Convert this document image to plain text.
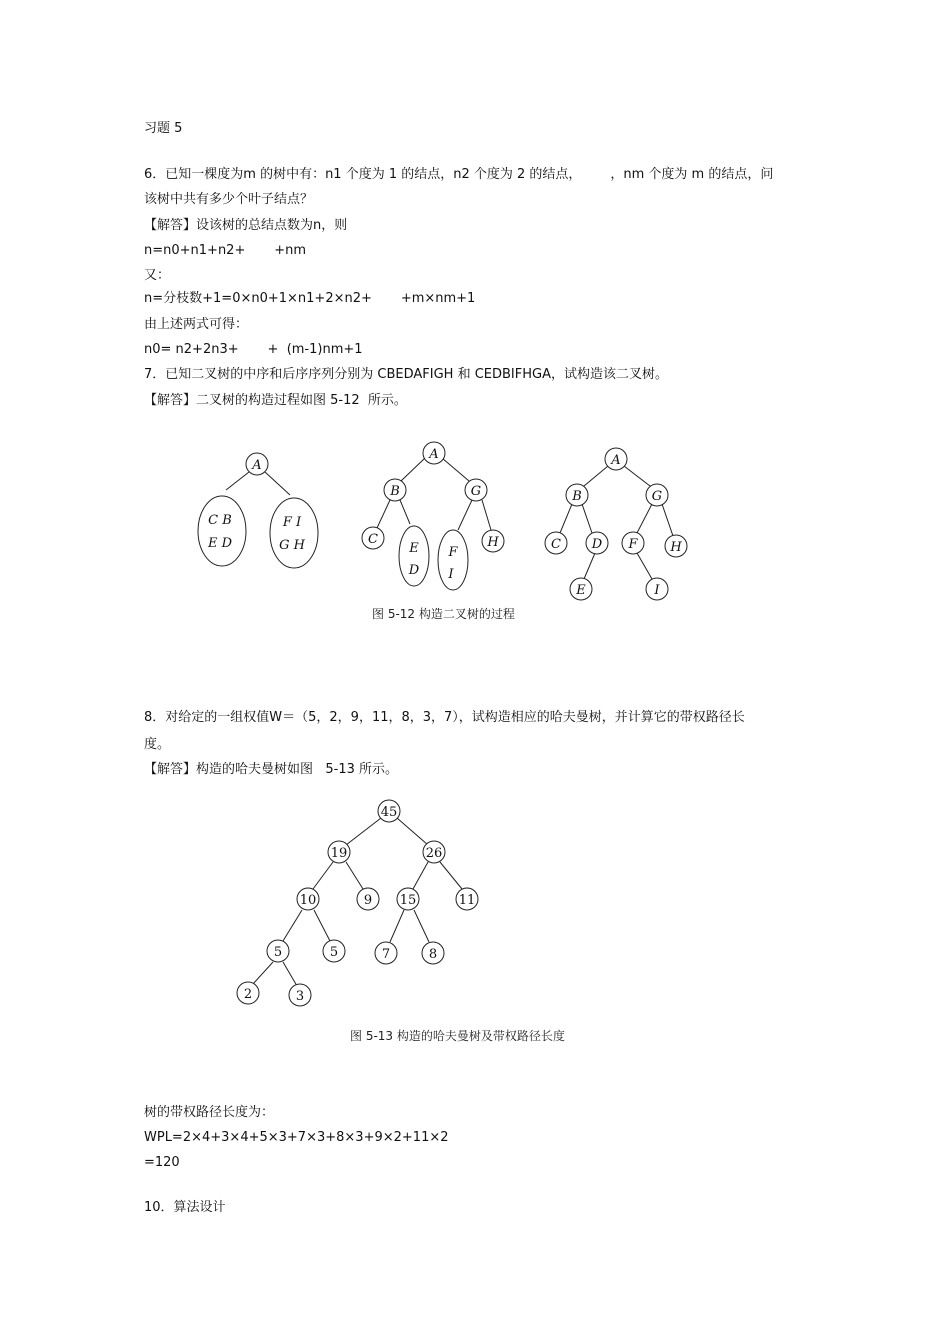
习题 5
6．已知一棵度为m 的树中有：n1 个度为 1 的结点，n2 个度为 2 的结点，       ，nm 个度为 m 的结点，问
该树中共有多少个叶子结点？
【解答】设该树的总结点数为n，则
n=n0+n1+n2+       +nm
又：
n=分枝数+1=0×n0+1×n1+2×n2+       +m×nm+1
由上述两式可得：
n0= n2+2n3+       +  (m-1)nm+1
7．已知二叉树的中序和后序序列分别为 CBEDAFIGH 和 CEDBIFHGA，试构造该二叉树。
【解答】二叉树的构造过程如图 5-12  所示。
A
C B
E D
F I
G H
A
B	G
C	H
E
D
F
I
A
B	G
C D F	H
E	I
图 5-12 构造二叉树的过程
8．对给定的一组权值W＝（5，2，9，11，8，3，7），试构造相应的哈夫曼树，并计算它的带权路径长
度。
【解答】构造的哈夫曼树如图   5-13 所示。
45
19	26
10	9 15	11
5	5	7	8
2	3
图 5-13 构造的哈夫曼树及带权路径长度
树的带权路径长度为：
WPL=2×4+3×4+5×3+7×3+8×3+9×2+11×2
=120
10．算法设计
